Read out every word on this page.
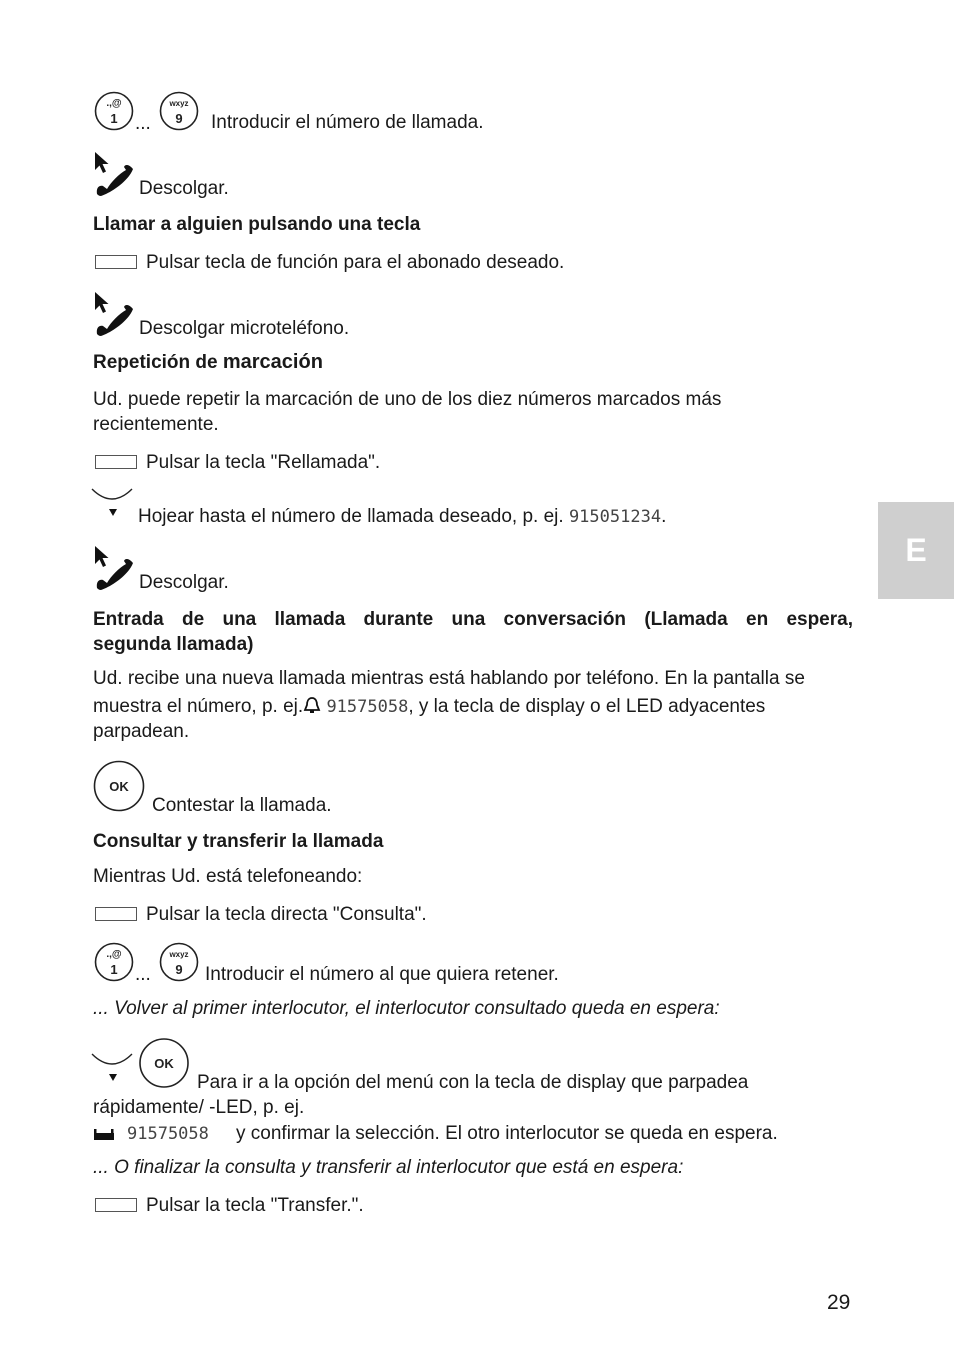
E
.,@
1
wxyz
9
...	Introducir el número de llamada.
Descolgar.
Llamar a alguien pulsando una tecla
Pulsar tecla de función para el abonado deseado.
Descolgar microteléfono.
Repetición de marcación
Ud. puede repetir la marcación de uno de los diez números marcados más
recientemente.
Pulsar la tecla "Rellamada".
Hojear hasta el número de llamada deseado, p. ej. 915051234.
Descolgar.
Entrada de una llamada durante una conversación (Llamada en espera,
segunda llamada)
Ud. recibe una nueva llamada mientras está hablando por teléfono. En la pantalla se
muestra el número, p. ej. 91575058, y la tecla de display o el LED adyacentes
parpadean.
OK
Contestar la llamada.
Consultar y transferir la llamada
Mientras Ud. está telefoneando:
Pulsar la tecla directa "Consulta".
.,@
1
wxyz
9
...	Introducir el número al que quiera retener.
... Volver al primer interlocutor, el interlocutor consultado queda en espera:
OK
Para ir a la opción del menú con la tecla de display que parpadea
rápidamente/ -LED, p. ej.
91575058 y confirmar la selección. El otro interlocutor se queda en espera.
... O finalizar la consulta y transferir al interlocutor que está en espera:
Pulsar la tecla "Transfer.".
29
